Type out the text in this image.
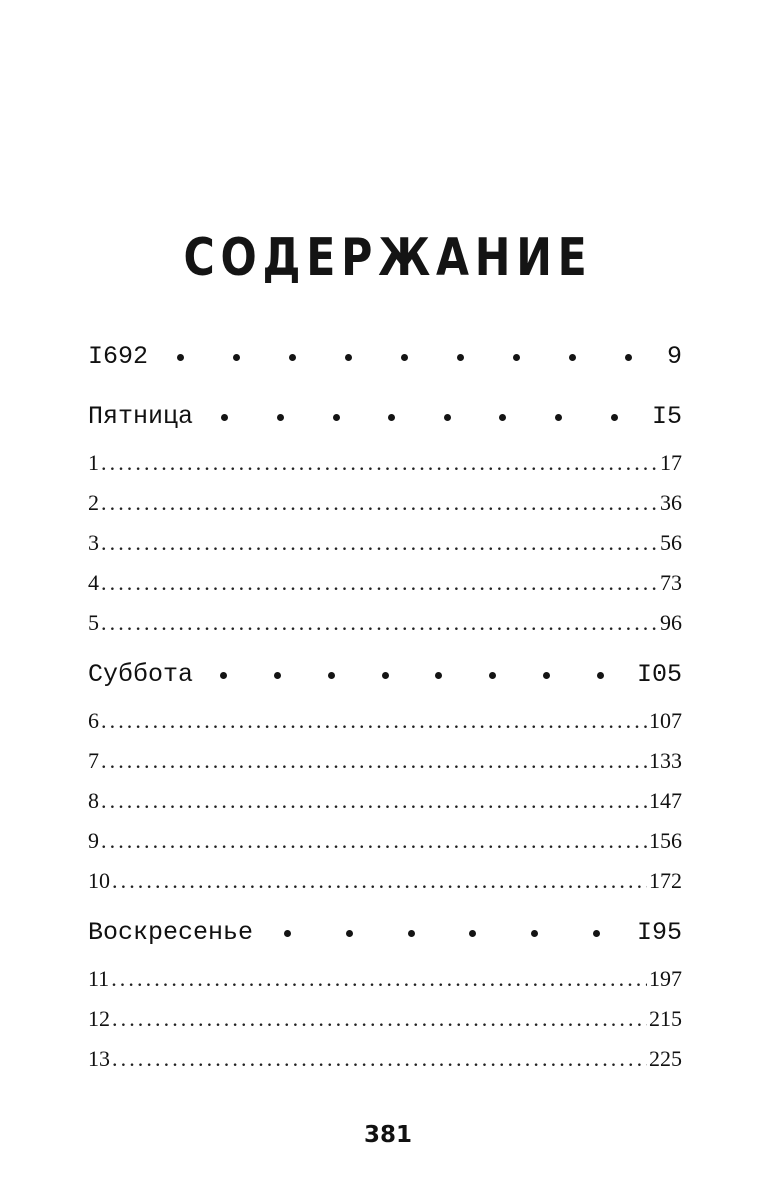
СОДЕРЖАНИЕ
I692	9
Пятница	I5
1 . . .	17
2 . . .	36
3 . . .	56
4 . . .	73
5 . . .	96
Суббота	I05
6 . . .	107
7 . . .	133
8 . . .	147
9 . . .	156
10 . . .	172
Воскресенье	I95
11 . . .	197
12 . . .	215
13 . . .	225
381
